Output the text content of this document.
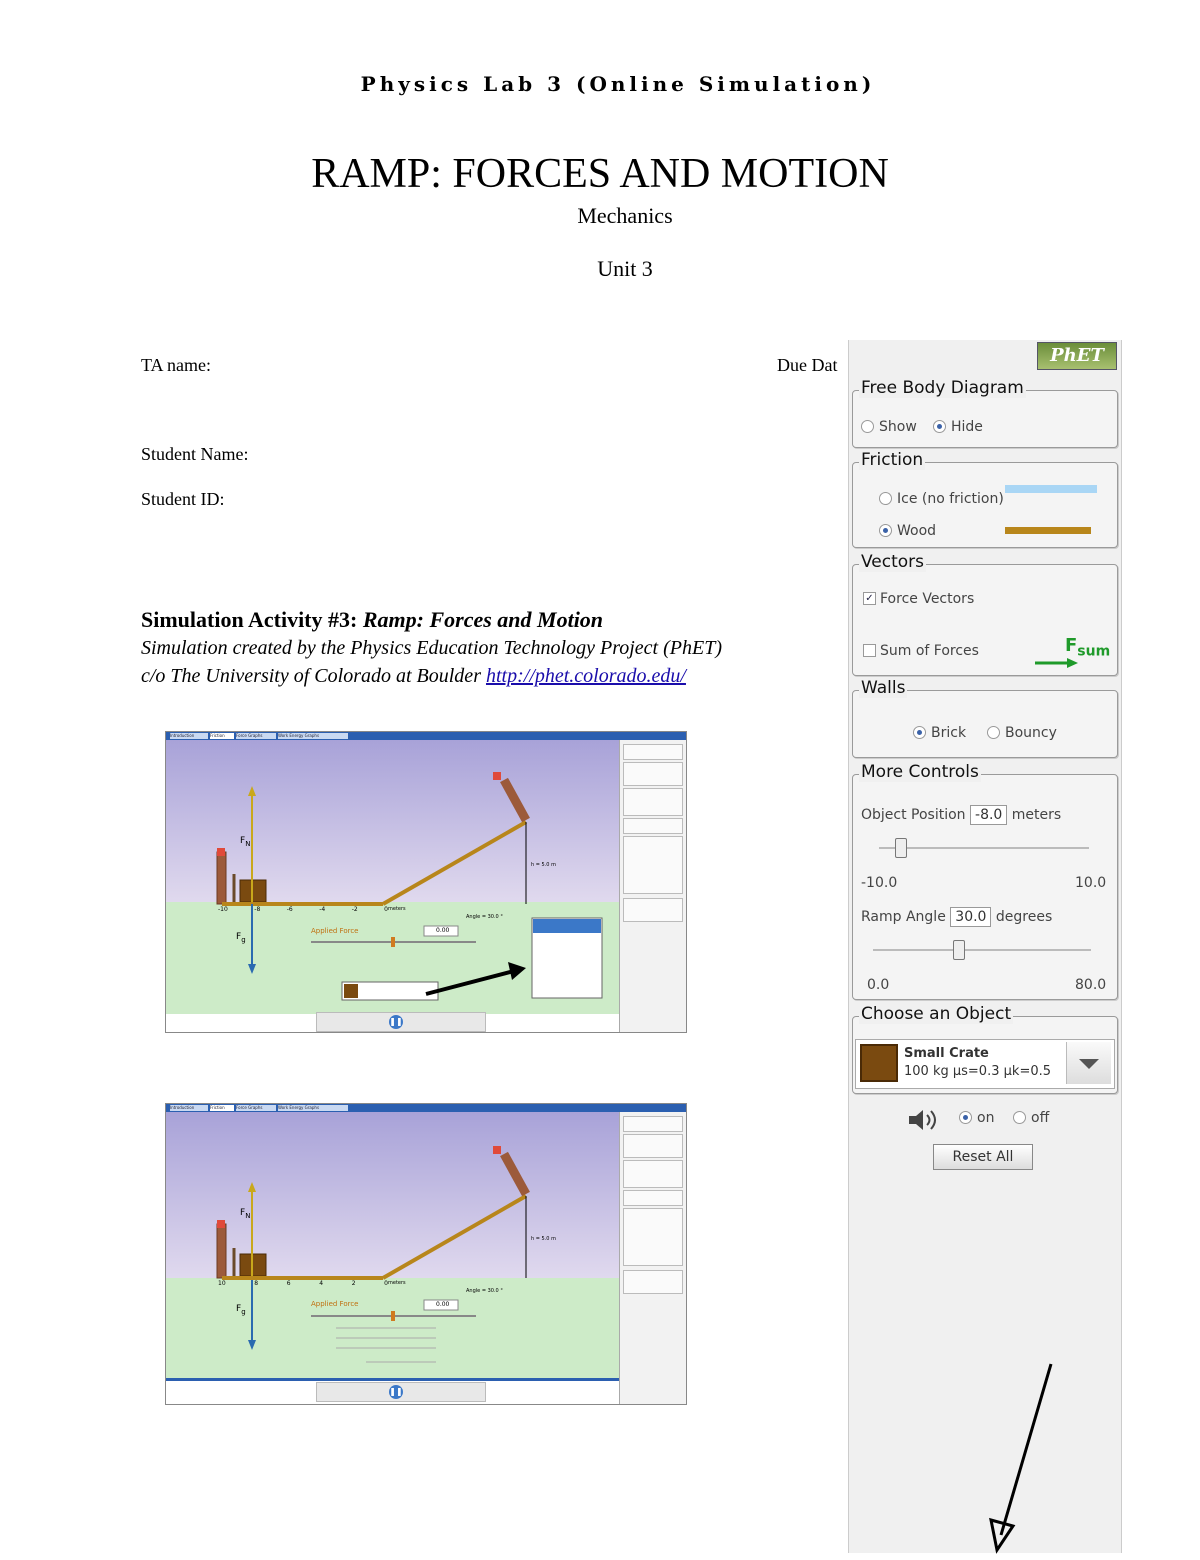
Physics Lab 3 (Online Simulation)
RAMP: FORCES AND MOTION
Mechanics
Unit 3
TA name:	Due Dat
Student Name:
Student ID:
Simulation Activity #3: Ramp: Forces and Motion
Simulation created by the Physics Education Technology Project (PhET)
c/o The University of Colorado at Boulder http://phet.colorado.edu/
Introduction	Friction	Force Graphs	Work Energy Graphs
$F_N$
$F_g$
Applied Force	0.00
h = 5.0 m
Angle = 30.0 °
meters
-10	-8	-6	-4	-2	0
❚❚
Introduction	Friction	Force Graphs	Work Energy Graphs
$F_N$
$F_g$
Applied Force	0.00
h = 5.0 m
Angle = 30.0 °
meters
10	8	6	4	2	0
❚❚
PhET
Free Body Diagram
Show	Hide
Friction
Ice (no friction)
Wood
Vectors
✓ Force Vectors
Sum of Forces	$F_{sum}$
Walls
Brick	Bouncy
More Controls
Object Position -8.0 meters
-10.0	10.0
Ramp Angle 30.0 degrees
0.0	80.0
Choose an Object
Small Crate
100 kg μs=0.3 μk=0.5
on	off
Reset All
